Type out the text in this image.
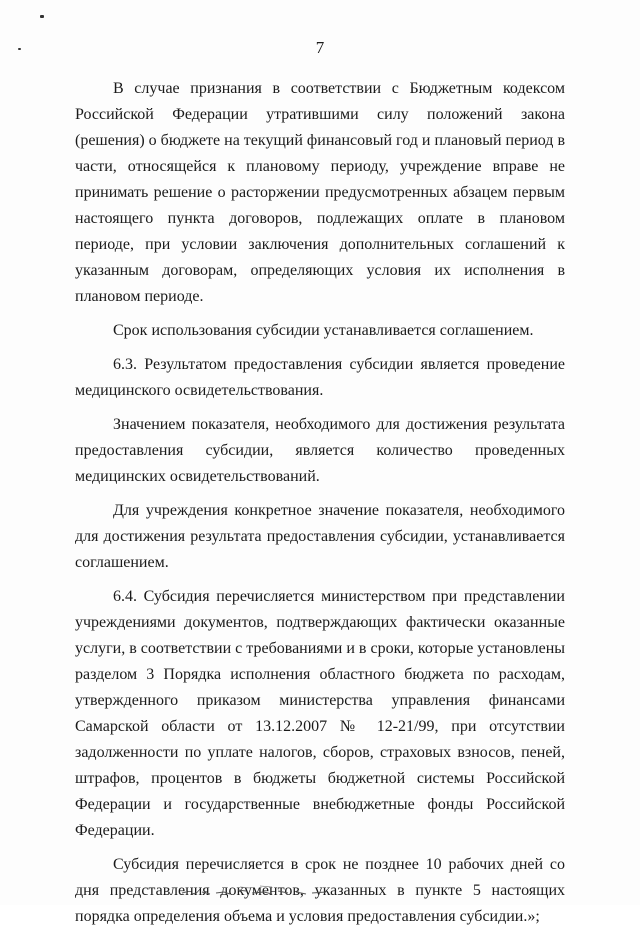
7

В случае признания в соответствии с Бюджетным кодексом Российской Федерации утратившими силу положений закона (решения) о бюджете на текущий финансовый год и плановый период в части, относящейся к плановому периоду, учреждение вправе не принимать решение о расторжении предусмотренных абзацем первым настоящего пункта договоров, подлежащих оплате в плановом периоде, при условии заключения дополнительных соглашений к указанным договорам, определяющих условия их исполнения в плановом периоде.

Срок использования субсидии устанавливается соглашением.

6.3. Результатом предоставления субсидии является проведение медицинского освидетельствования.

Значением показателя, необходимого для достижения результата предоставления субсидии, является количество проведенных медицинских освидетельствований.

Для учреждения конкретное значение показателя, необходимого для достижения результата предоставления субсидии, устанавливается соглашением.

6.4. Субсидия перечисляется министерством при представлении учреждениями документов, подтверждающих фактически оказанные услуги, в соответствии с требованиями и в сроки, которые установлены разделом 3 Порядка исполнения областного бюджета по расходам, утвержденного приказом министерства управления финансами Самарской области от 13.12.2007 № 12-21/99, при отсутствии задолженности по уплате налогов, сборов, страховых взносов, пеней, штрафов, процентов в бюджеты бюджетной системы Российской Федерации и государственные внебюджетные фонды Российской Федерации.

Субсидия перечисляется в срок не позднее 10 рабочих дней со дня представления документов, указанных в пункте 5 настоящих порядка определения объема и условия предоставления субсидии.»;
